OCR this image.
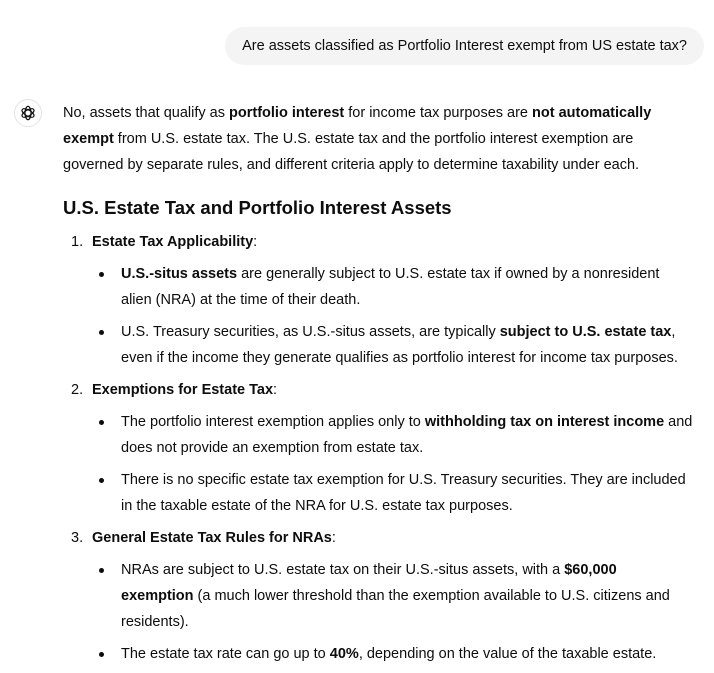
Are assets classified as Portfolio Interest exempt from US estate tax?

No, assets that qualify as portfolio interest for income tax purposes are not automatically exempt from U.S. estate tax. The U.S. estate tax and the portfolio interest exemption are governed by separate rules, and different criteria apply to determine taxability under each.

U.S. Estate Tax and Portfolio Interest Assets
1. Estate Tax Applicability:
U.S.-situs assets are generally subject to U.S. estate tax if owned by a nonresident alien (NRA) at the time of their death.
U.S. Treasury securities, as U.S.-situs assets, are typically subject to U.S. estate tax, even if the income they generate qualifies as portfolio interest for income tax purposes.
2. Exemptions for Estate Tax:
The portfolio interest exemption applies only to withholding tax on interest income and does not provide an exemption from estate tax.
There is no specific estate tax exemption for U.S. Treasury securities. They are included in the taxable estate of the NRA for U.S. estate tax purposes.
3. General Estate Tax Rules for NRAs:
NRAs are subject to U.S. estate tax on their U.S.-situs assets, with a $60,000 exemption (a much lower threshold than the exemption available to U.S. citizens and residents).
The estate tax rate can go up to 40%, depending on the value of the taxable estate.
